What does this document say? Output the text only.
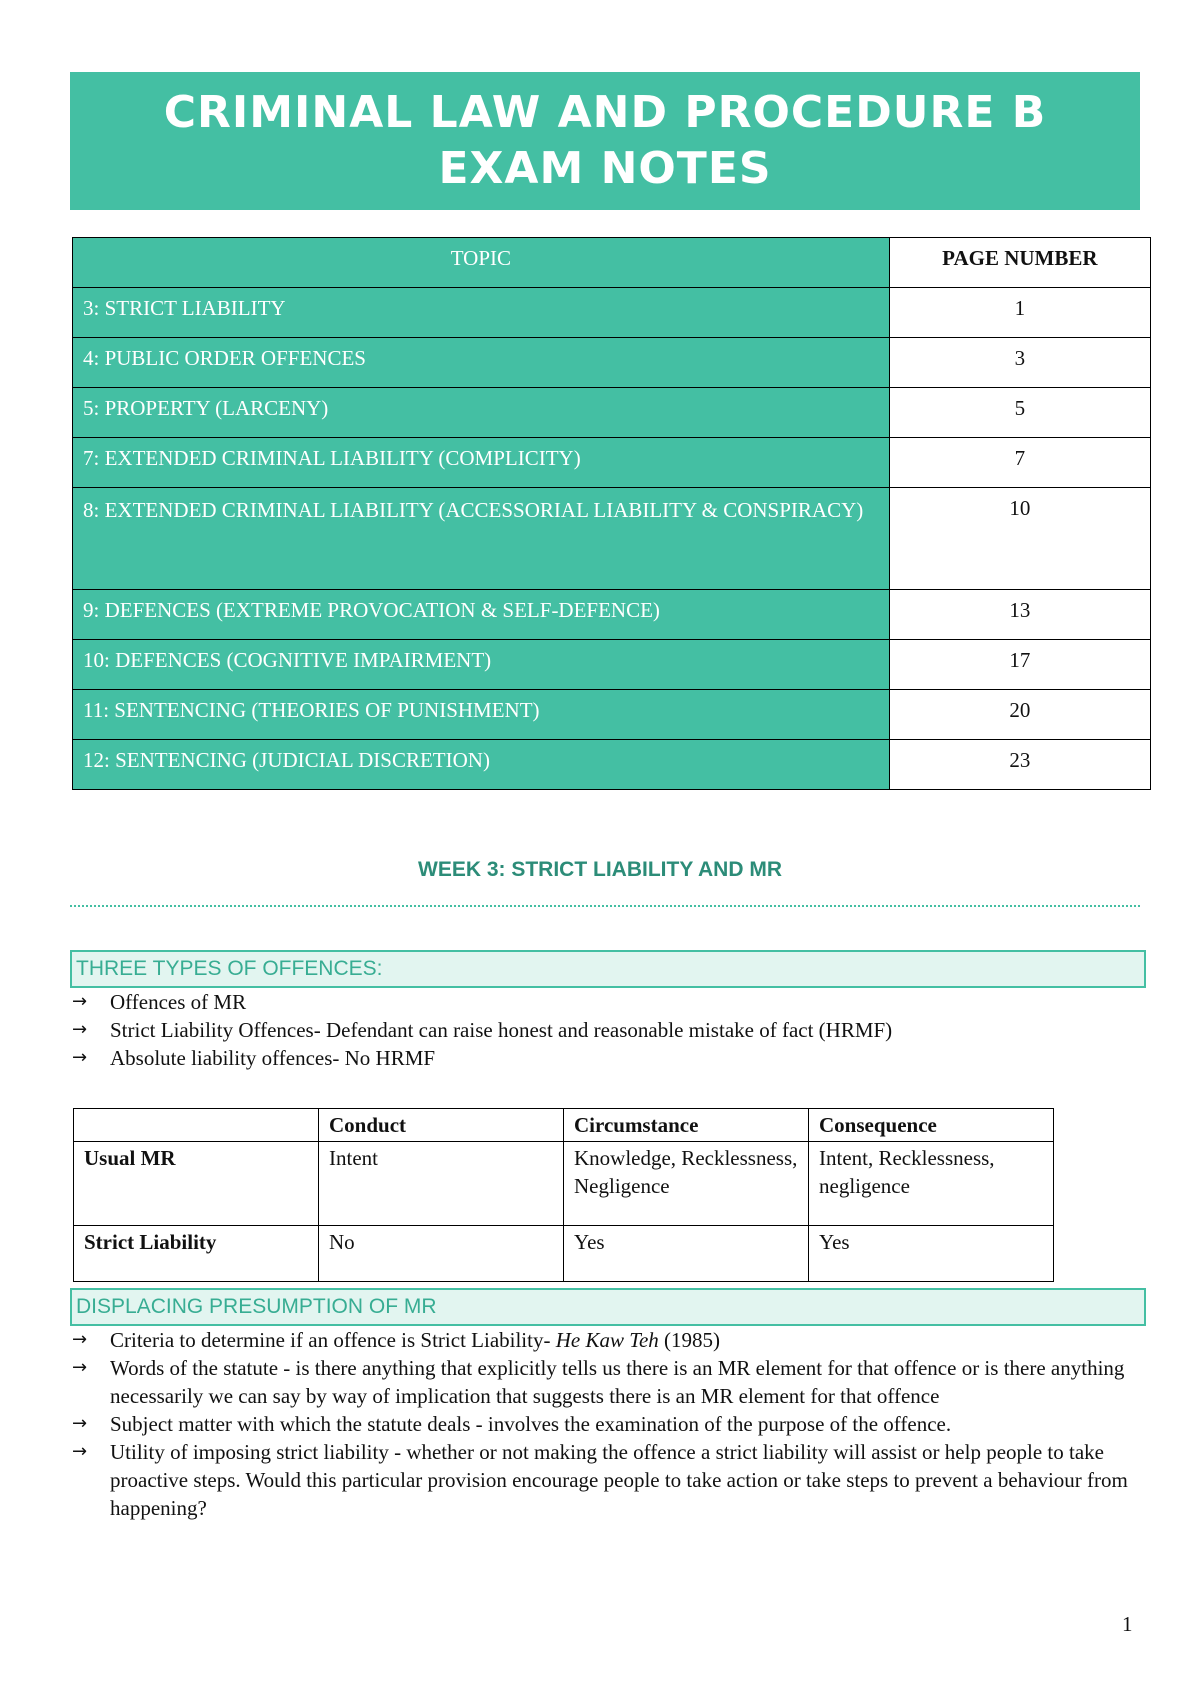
CRIMINAL LAW AND PROCEDURE B
EXAM NOTES
TOPIC	PAGE NUMBER
3: STRICT LIABILITY	1
4: PUBLIC ORDER OFFENCES	3
5: PROPERTY (LARCENY)	5
7: EXTENDED CRIMINAL LIABILITY (COMPLICITY)	7
8: EXTENDED CRIMINAL LIABILITY (ACCESSORIAL LIABILITY & CONSPIRACY)	10
9: DEFENCES (EXTREME PROVOCATION & SELF-DEFENCE)	13
10: DEFENCES (COGNITIVE IMPAIRMENT)	17
11: SENTENCING (THEORIES OF PUNISHMENT)	20
12: SENTENCING (JUDICIAL DISCRETION)	23
WEEK 3: STRICT LIABILITY AND MR
THREE TYPES OF OFFENCES:
→ Offences of MR
→ Strict Liability Offences- Defendant can raise honest and reasonable mistake of fact (HRMF)
→ Absolute liability offences- No HRMF
	Conduct	Circumstance	Consequence
Usual MR	Intent	Knowledge, Recklessness, Negligence	Intent, Recklessness, negligence
Strict Liability	No	Yes	Yes
DISPLACING PRESUMPTION OF MR
→ Criteria to determine if an offence is Strict Liability- He Kaw Teh (1985)
→ Words of the statute - is there anything that explicitly tells us there is an MR element for that offence or is there anything necessarily we can say by way of implication that suggests there is an MR element for that offence
→ Subject matter with which the statute deals - involves the examination of the purpose of the offence.
→ Utility of imposing strict liability - whether or not making the offence a strict liability will assist or help people to take proactive steps. Would this particular provision encourage people to take action or take steps to prevent a behaviour from happening?
1
